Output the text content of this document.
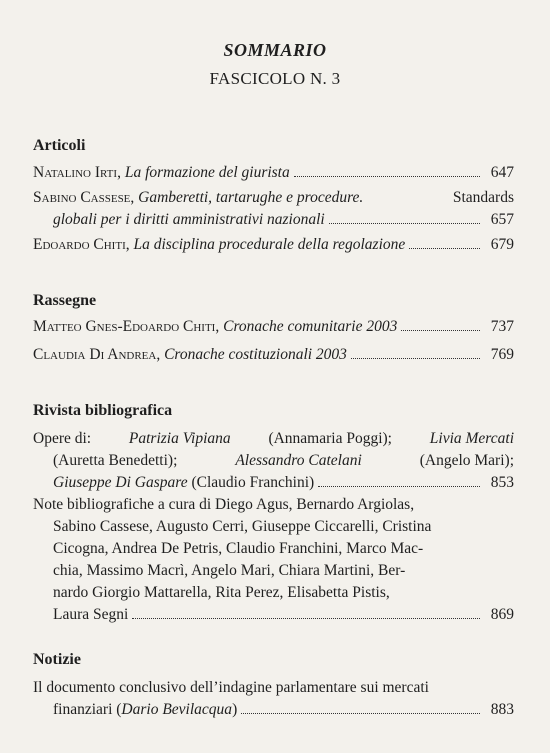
SOMMARIO
FASCICOLO N. 3
Articoli
Natalino Irti, La formazione del giurista	647
Sabino Cassese, Gamberetti, tartarughe e procedure.	Standards
globali per i diritti amministrativi nazionali	657
Edoardo Chiti, La disciplina procedurale della regolazione	679
Rassegne
Matteo Gnes-Edoardo Chiti, Cronache comunitarie 2003	737
Claudia Di Andrea, Cronache costituzionali 2003	769
Rivista bibliografica
Opere di: Patrizia Vipiana (Annamaria Poggi); Livia Mercati
(Auretta Benedetti);	Alessandro Catelani	(Angelo Mari);
Giuseppe Di Gaspare (Claudio Franchini)	853
Note bibliografiche a cura di Diego Agus, Bernardo Argiolas,
Sabino Cassese, Augusto Cerri, Giuseppe Ciccarelli, Cristina
Cicogna, Andrea De Petris, Claudio Franchini, Marco Mac-
chia, Massimo Macrì, Angelo Mari, Chiara Martini, Ber-
nardo Giorgio Mattarella, Rita Perez, Elisabetta Pistis,
Laura Segni	869
Notizie
Il documento conclusivo dell’indagine parlamentare sui mercati
finanziari (Dario Bevilacqua)	883
